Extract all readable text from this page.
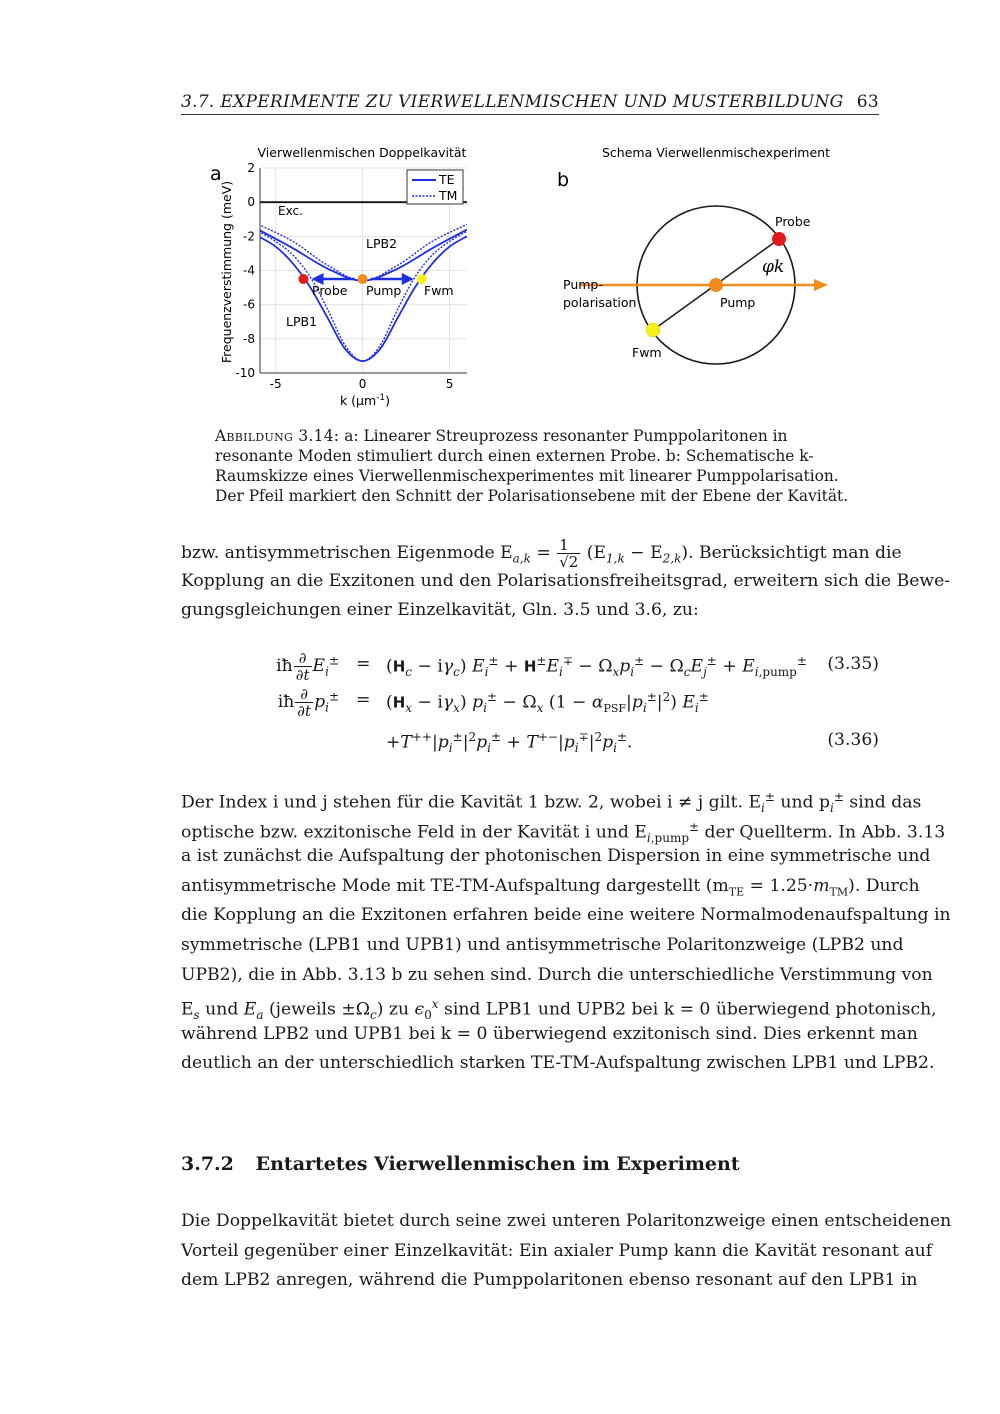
3.7. EXPERIMENTE ZU VIERWELLENMISCHEN UND MUSTERBILDUNG 63
a
Vierwellenmischen Doppelkavität
Frequenzverstimmung (meV)
k (µm$^{-1}$)
2
0
-2
-4
-6
-8
-10
-5	0	5
TE
TM
Exc.
LPB2
LPB1
Probe Pump Fwm
b
Schema Vierwellenmischexperiment
Probe
Pump
Fwm
Pump-
polarisation
φk
Abbildung 3.14: a: Linearer Streuprozess resonanter Pumppolaritonen in resonante Moden stimuliert durch einen externen Probe. b: Schematische k-Raumskizze eines Vierwellenmischexperimentes mit linearer Pumppolarisation. Der Pfeil markiert den Schnitt der Polarisationsebene mit der Ebene der Kavität.
bzw. antisymmetrischen Eigenmode $E_{a,k} = \frac{1}{√2} (E_{1,k} - E_{2,k})$. Berücksichtigt man die
Kopplung an die Exzitonen und den Polarisationsfreiheitsgrad, erweitern sich die Bewe-
gungsgleichungen einer Einzelkavität, Gln. 3.5 und 3.6, zu:
iħ $\frac{\partial}{\partial t} E_i^\pm = (H_c - i\gamma_c) E_i^\pm + H^\pm E_i^\mp - \Omega_xp_i^\pm - \Omega_cE_j^\pm + E_{i,pump}^\pm$ (3.35)
iħ $\frac{\partial}{\partial t} p_i^\pm = (H_x - i\gamma_x) p_i^\pm - \Omega_x$ $(1 - \alpha_{PSF}|p_i^\pm|^2)$ $E_i^\pm$
$+T^{++}|p_i^\pm|^2p_i^\pm + T^{+-}|p_i^\mp|^2p_i^\pm$.	(3.36)
Der Index i und j stehen für die Kavität 1 bzw. 2, wobei i ≠ j gilt. $E_i^\pm$ und $p_i^\pm$ sind das
optische bzw. exzitonische Feld in der Kavität i und $E_{i,pump}^\pm$ der Quellterm. In Abb. 3.13
a ist zunächst die Aufspaltung der photonischen Dispersion in eine symmetrische und
antisymmetrische Mode mit TE-TM-Aufspaltung dargestellt $(m_{TE} = 1.25\cdot m_{TM})$. Durch
die Kopplung an die Exzitonen erfahren beide eine weitere Normalmodenaufspaltung in
symmetrische (LPB1 und UPB1) und antisymmetrische Polaritonzweige (LPB2 und
UPB2), die in Abb. 3.13 b zu sehen sind. Durch die unterschiedliche Verstimmung von
$E_s$ und $E_a$ (jeweils $\pm\Omega_c$) zu $\epsilon_0^x$ sind LPB1 und UPB2 bei k = 0 überwiegend photonisch,
während LPB2 und UPB1 bei k = 0 überwiegend exzitonisch sind. Dies erkennt man
deutlich an der unterschiedlich starken TE-TM-Aufspaltung zwischen LPB1 und LPB2.
3.7.2 Entartetes Vierwellenmischen im Experiment
Die Doppelkavität bietet durch seine zwei unteren Polaritonzweige einen entscheidenen
Vorteil gegenüber einer Einzelkavität: Ein axialer Pump kann die Kavität resonant auf
dem LPB2 anregen, während die Pumppolaritonen ebenso resonant auf den LPB1 in
